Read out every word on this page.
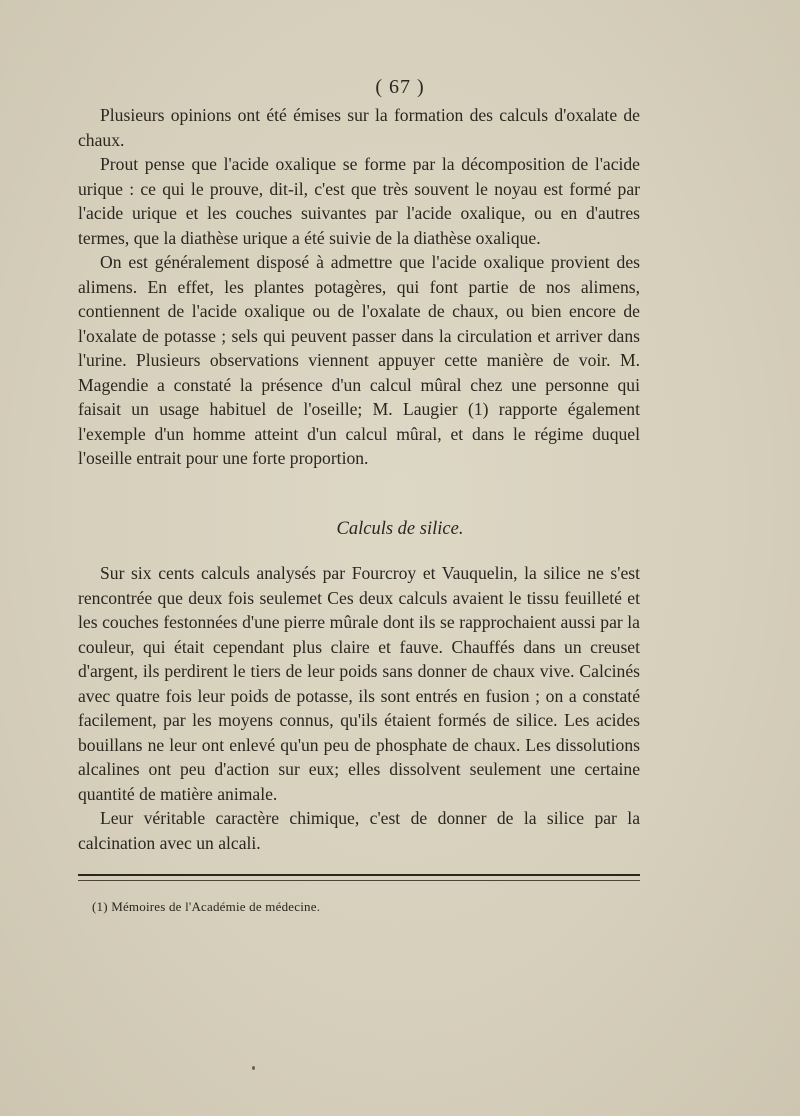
( 67 )

Plusieurs opinions ont été émises sur la formation des calculs d'oxalate de chaux.

Prout pense que l'acide oxalique se forme par la décomposition de l'acide urique : ce qui le prouve, dit-il, c'est que très souvent le noyau est formé par l'acide urique et les couches suivantes par l'acide oxalique, ou en d'autres termes, que la diathèse urique a été suivie de la diathèse oxalique.

On est généralement disposé à admettre que l'acide oxalique provient des alimens. En effet, les plantes potagères, qui font partie de nos alimens, contiennent de l'acide oxalique ou de l'oxalate de chaux, ou bien encore de l'oxalate de potasse ; sels qui peuvent passer dans la circulation et arriver dans l'urine. Plusieurs observations viennent appuyer cette manière de voir. M. Magendie a constaté la présence d'un calcul mûral chez une personne qui faisait un usage habituel de l'oseille; M. Laugier (1) rapporte également l'exemple d'un homme atteint d'un calcul mûral, et dans le régime duquel l'oseille entrait pour une forte proportion.

Calculs de silice.

Sur six cents calculs analysés par Fourcroy et Vauquelin, la silice ne s'est rencontrée que deux fois seulemet Ces deux calculs avaient le tissu feuilleté et les couches festonnées d'une pierre mûrale dont ils se rapprochaient aussi par la couleur, qui était cependant plus claire et fauve. Chauffés dans un creuset d'argent, ils perdirent le tiers de leur poids sans donner de chaux vive. Calcinés avec quatre fois leur poids de potasse, ils sont entrés en fusion ; on a constaté facilement, par les moyens connus, qu'ils étaient formés de silice. Les acides bouillans ne leur ont enlevé qu'un peu de phosphate de chaux. Les dissolutions alcalines ont peu d'action sur eux; elles dissolvent seulement une certaine quantité de matière animale.

Leur véritable caractère chimique, c'est de donner de la silice par la calcination avec un alcali.

(1) Mémoires de l'Académie de médecine.
